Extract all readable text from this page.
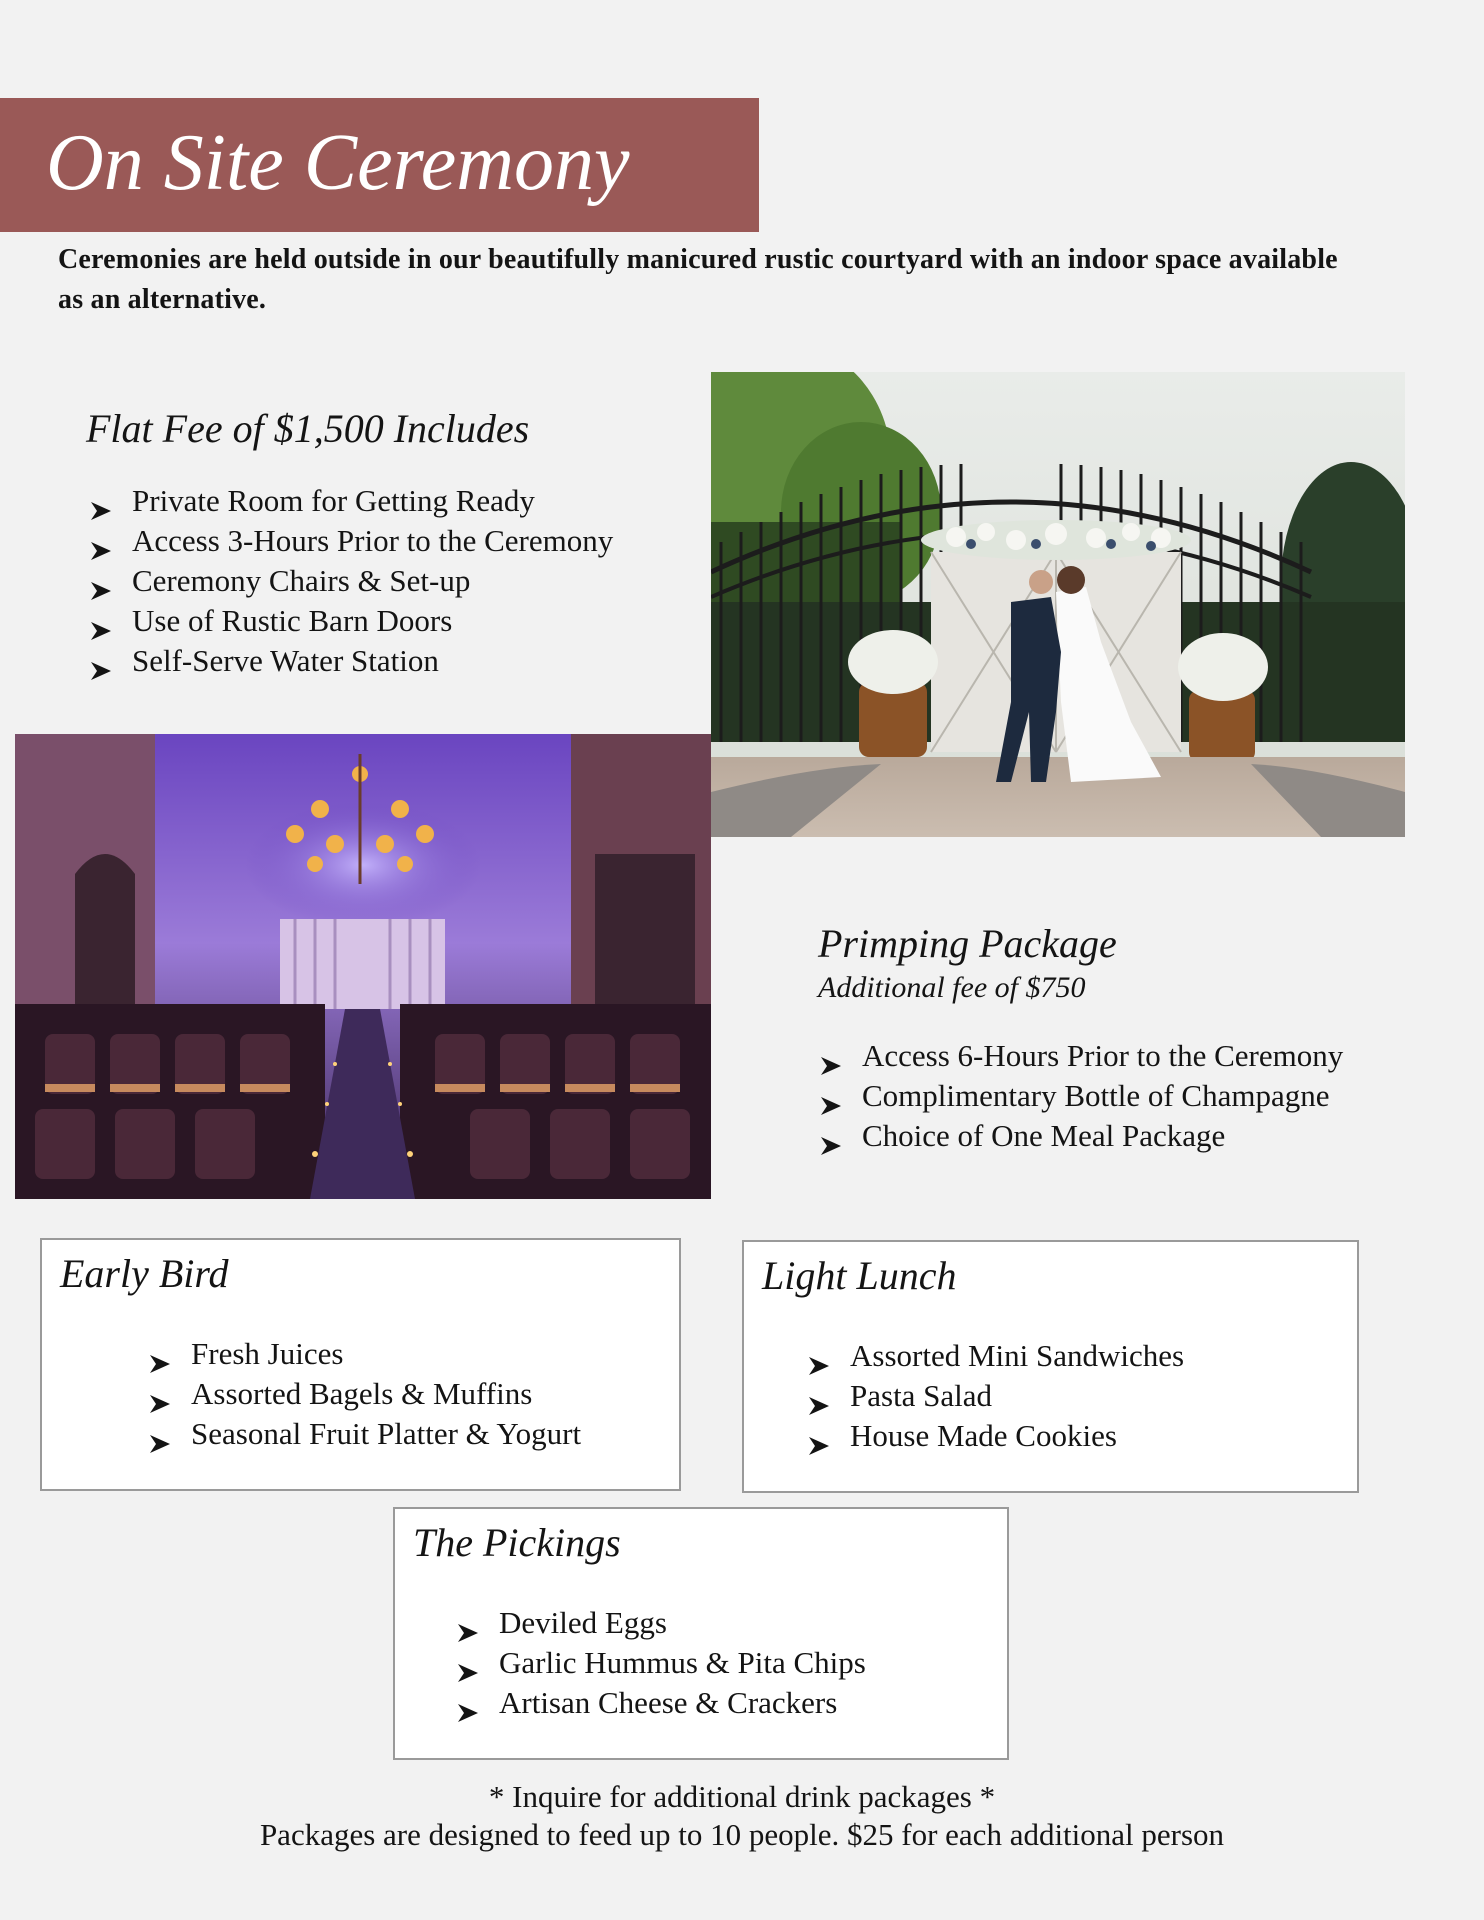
On Site Ceremony
Ceremonies are held outside in our beautifully manicured rustic courtyard with an indoor space available as an alternative.
Flat Fee of $1,500 Includes
Private Room for Getting Ready
Access 3-Hours Prior to the Ceremony
Ceremony Chairs & Set-up
Use of Rustic Barn Doors
Self-Serve Water Station
Primping Package
Additional fee of $750
Access 6-Hours Prior to the Ceremony
Complimentary Bottle of Champagne
Choice of One Meal Package
Early Bird
Fresh Juices
Assorted Bagels & Muffins
Seasonal Fruit Platter & Yogurt
Light Lunch
Assorted Mini Sandwiches
Pasta Salad
House Made Cookies
The Pickings
Deviled Eggs
Garlic Hummus & Pita Chips
Artisan Cheese & Crackers
* Inquire for additional drink packages *
Packages are designed to feed up to 10 people. $25 for each additional person
